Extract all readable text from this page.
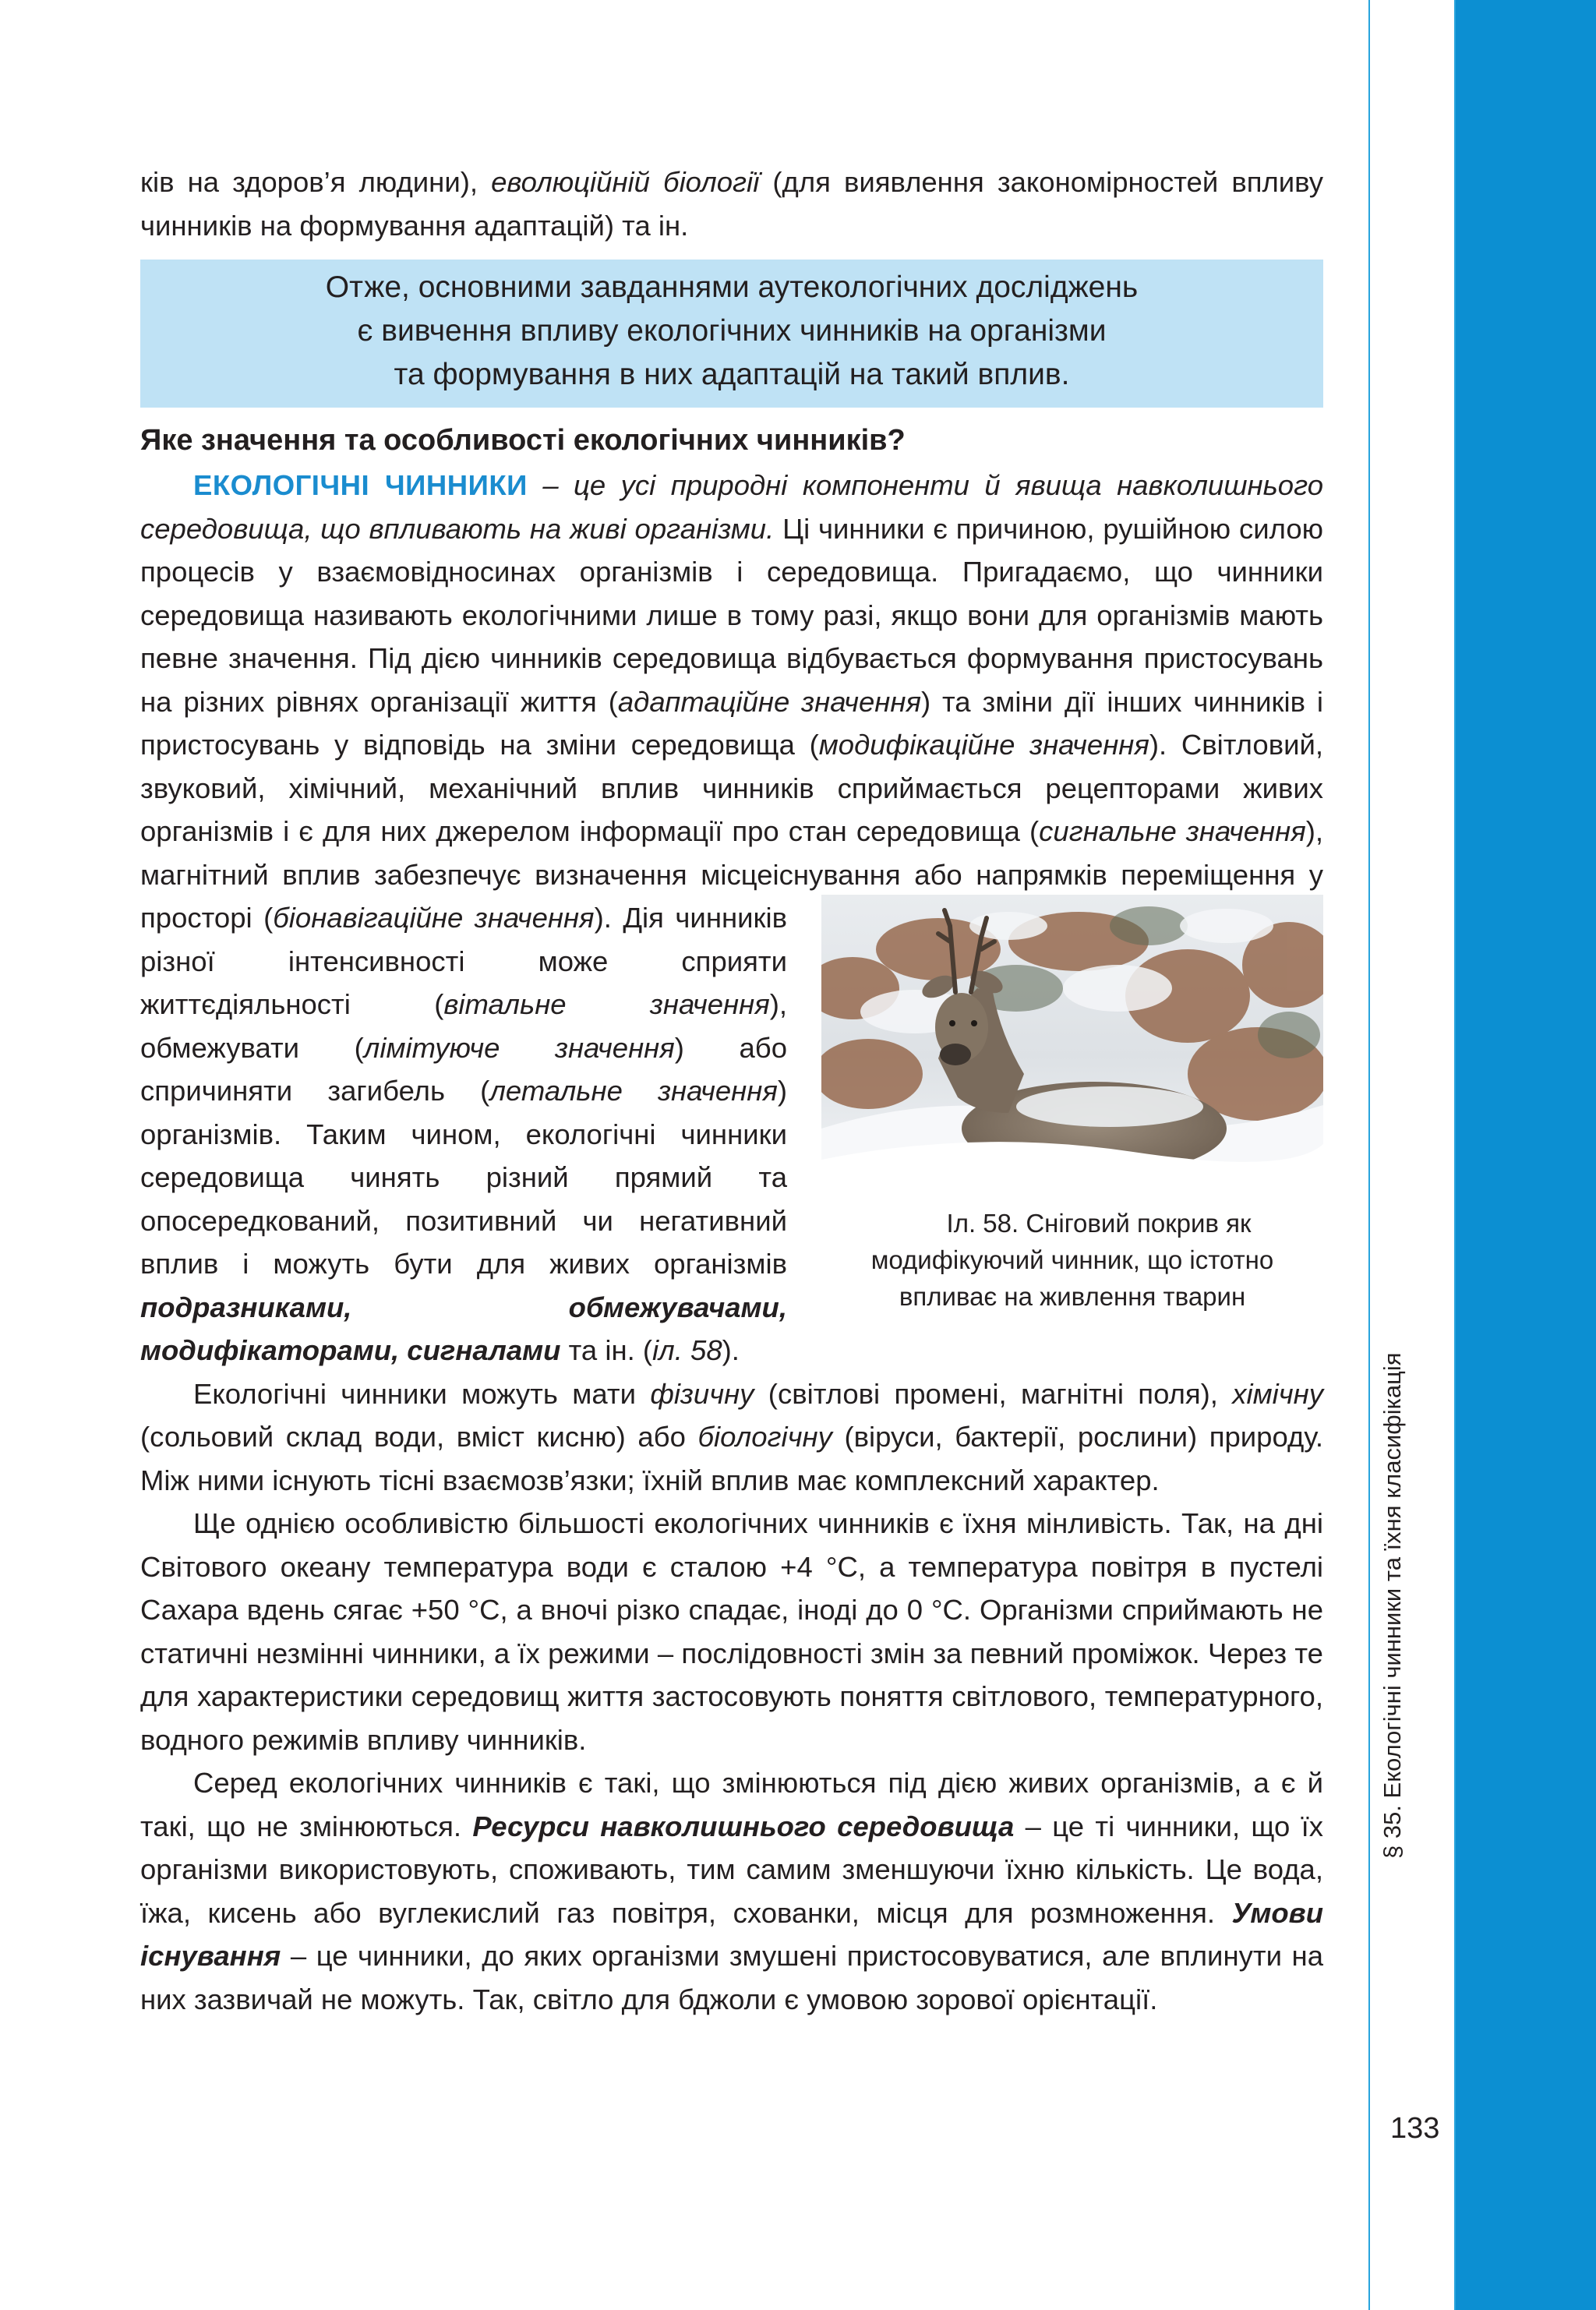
§ 35. Екологічні чинники та їхня класифікація
133

ків на здоров’я людини), еволюційній біології (для виявлення закономірностей впливу чинників на формування адаптацій) та ін.

Отже, основними завданнями аутекологічних досліджень
є вивчення впливу екологічних чинників на організми
та формування в них адаптацій на такий вплив.
Яке значення та особливості екологічних чинників?
ЕКОЛОГІЧНІ ЧИННИКИ – це усі природні компоненти й явища навколишнього середовища, що впливають на живі організми. Ці чинники є причиною, рушійною силою процесів у взаємовідносинах організмів і середовища. Пригадаємо, що чинники середовища називають екологічними лише в тому разі, якщо вони для організмів мають певне значення. Під дією чинників середовища відбувається формування пристосувань на різних рівнях організації життя (адаптаційне значення) та зміни дії інших чинників і пристосувань у відповідь на зміни середовища (модифікаційне значення). Світловий, звуковий, хімічний, механічний вплив чинників сприймається рецепторами живих організмів і є для них джерелом інформації про стан середовища (сигнальне значення), магнітний вплив забезпечує визначення місцеіснування або напрямків переміщення у просторі (
Іл. 58. Сніговий покрив як модифікуючий чинник, що істотно впливає на живлення тварин
біонавігаційне значення). Дія чинників різної інтенсивності може сприяти життєдіяльності (вітальне значення), обмежувати (лімітуюче значення) або спричиняти загибель (летальне значення) організмів. Таким чином, екологічні чинники середовища чинять різний прямий та опосередкований, позитивний чи негативний вплив і можуть бути для живих організмів подразниками, обмежувачами, модифікаторами, сигналами та ін. (іл. 58).

Екологічні чинники можуть мати фізичну (світлові промені, магнітні поля), хімічну (сольовий склад води, вміст кисню) або біологічну (віруси, бактерії, рослини) природу. Між ними існують тісні взаємозв’язки; їхній вплив має комплексний характер.

Ще однією особливістю більшості екологічних чинників є їхня мінливість. Так, на дні Світового океану температура води є сталою +4 °С, а температура повітря в пустелі Сахара вдень сягає +50 °С, а вночі різко спадає, іноді до 0 °С. Організми сприймають не статичні незмінні чинники, а їх режими – послідовності змін за певний проміжок. Через те для характеристики середовищ життя застосовують поняття світлового, температурного, водного режимів впливу чинників.

Серед екологічних чинників є такі, що змінюються під дією живих організмів, а є й такі, що не змінюються. Ресурси навколишнього середовища – це ті чинники, що їх організми використовують, споживають, тим самим зменшуючи їхню кількість. Це вода, їжа, кисень або вуглекислий газ повітря, схованки, місця для розмноження. Умови існування – це чинники, до яких організми змушені пристосовуватися, але вплинути на них зазвичай не можуть. Так, світло для бджоли є умовою зорової орієнтації.
